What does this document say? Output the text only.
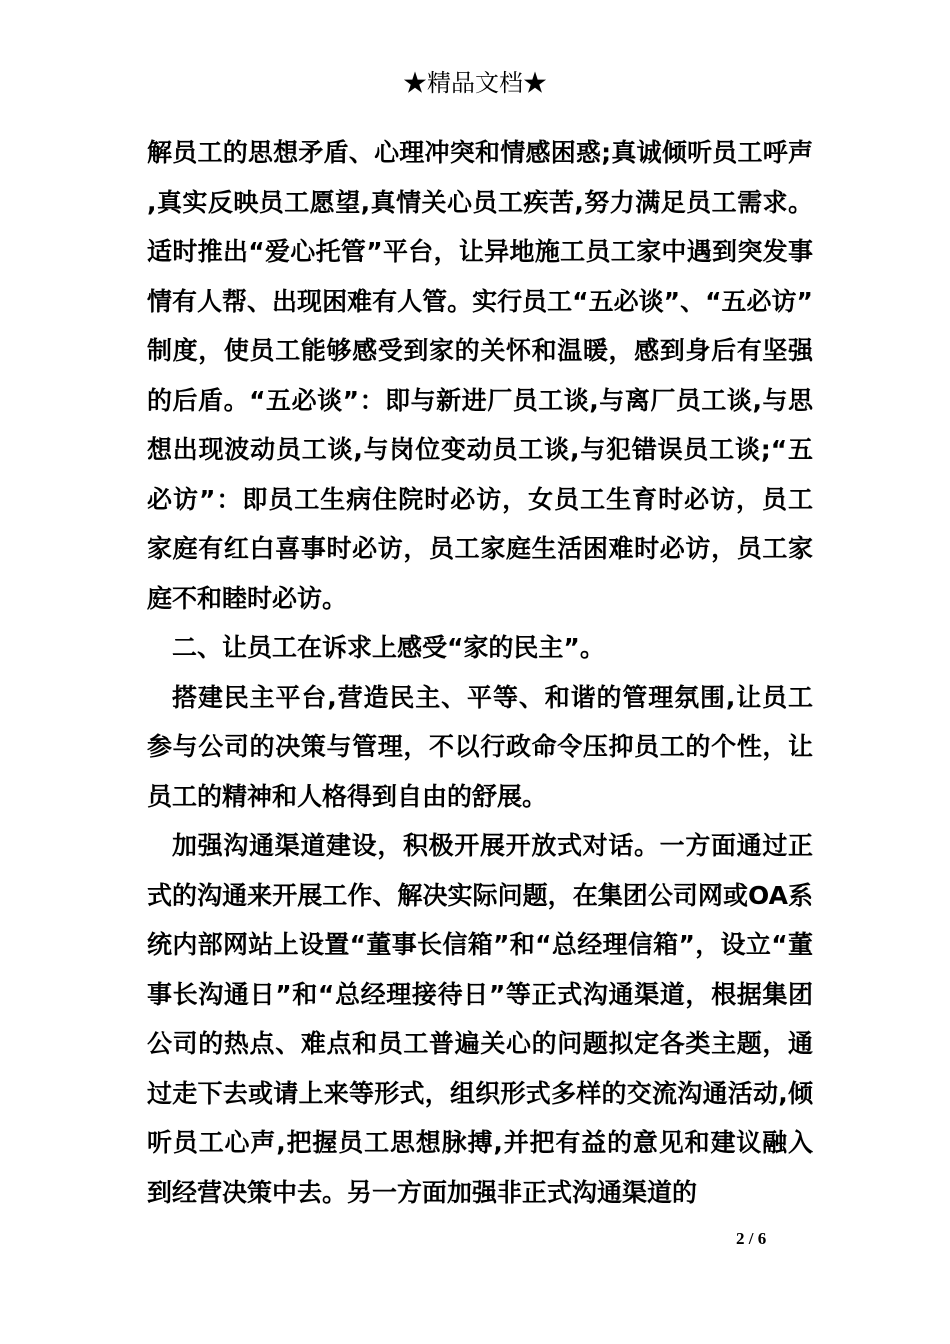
★精品文档★

解员工的思想矛盾、心理冲突和情感困惑;真诚倾听员工呼声,真实反映员工愿望,真情关心员工疾苦,努力满足员工需求。适时推出“爱心托管”平台，让异地施工员工家中遇到突发事情有人帮、出现困难有人管。实行员工“五必谈”、“五必访”制度，使员工能够感受到家的关怀和温暖，感到身后有坚强的后盾。“五必谈”：即与新进厂员工谈,与离厂员工谈,与思想出现波动员工谈,与岗位变动员工谈,与犯错误员工谈;“五必访”：即员工生病住院时必访，女员工生育时必访，员工家庭有红白喜事时必访，员工家庭生活困难时必访，员工家庭不和睦时必访。

二、让员工在诉求上感受“家的民主”。

搭建民主平台,营造民主、平等、和谐的管理氛围,让员工参与公司的决策与管理，不以行政命令压抑员工的个性，让员工的精神和人格得到自由的舒展。

加强沟通渠道建设，积极开展开放式对话。一方面通过正式的沟通来开展工作、解决实际问题，在集团公司网或OA系统内部网站上设置“董事长信箱”和“总经理信箱”，设立“董事长沟通日”和“总经理接待日”等正式沟通渠道，根据集团公司的热点、难点和员工普遍关心的问题拟定各类主题，通过走下去或请上来等形式，组织形式多样的交流沟通活动,倾听员工心声,把握员工思想脉搏,并把有益的意见和建议融入到经营决策中去。另一方面加强非正式沟通渠道的

2 / 6
